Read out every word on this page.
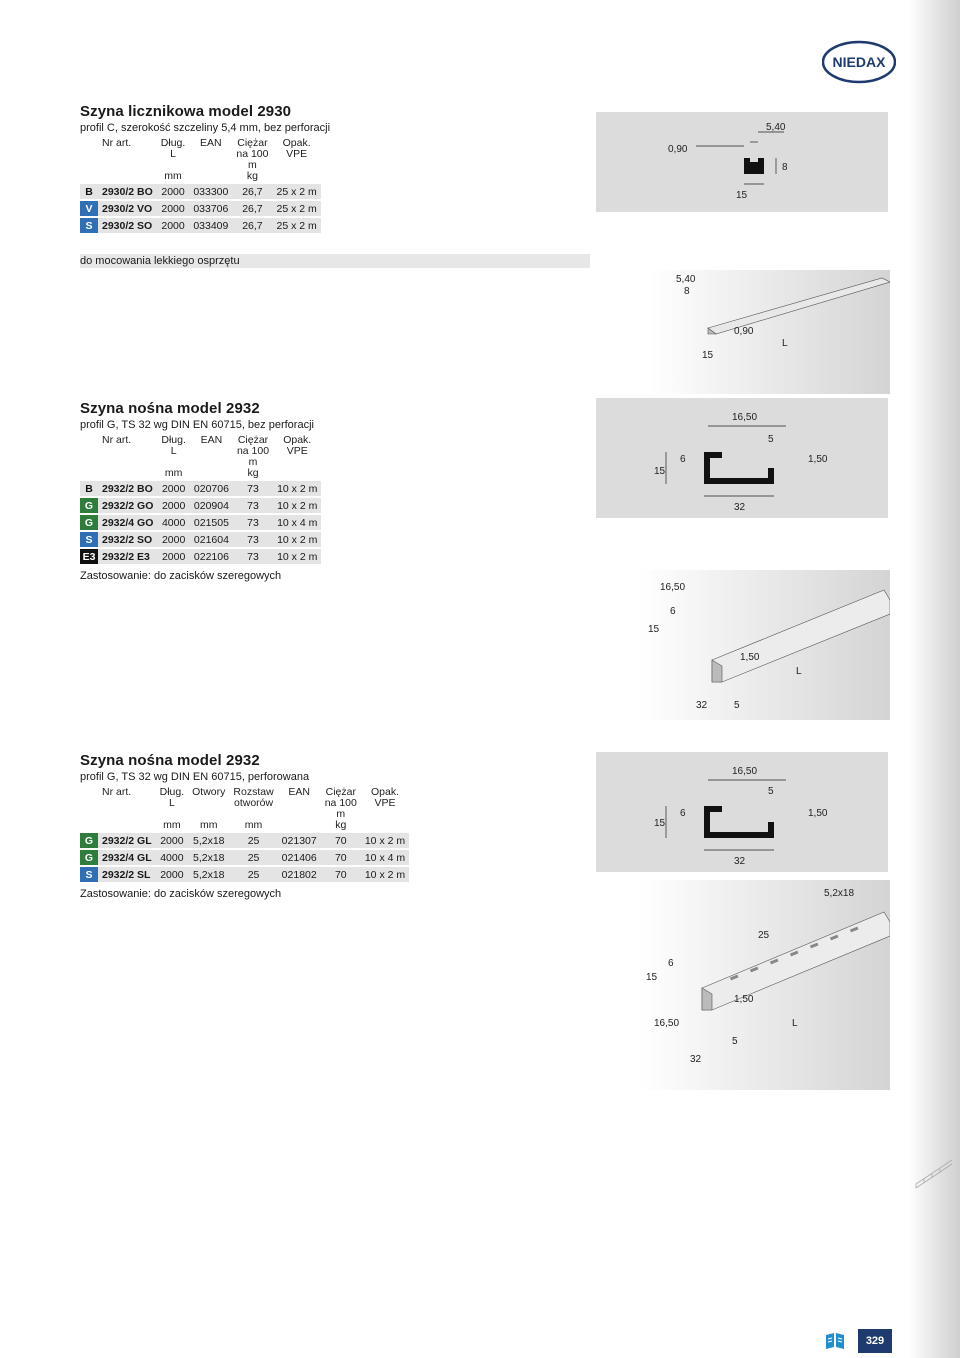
NIEDAX
Szyna licznikowa model 2930
profil C, szerokość szczeliny 5,4 mm, bez perforacji
	Nr art.	Dług.
L	EAN	Ciężar
na 100
m	Opak.
VPE
		mm		kg	
B	2930/2 BO	2000	033300	26,7	25 x 2 m
V	2930/2 VO	2000	033706	26,7	25 x 2 m
S	2930/2 SO	2000	033409	26,7	25 x 2 m
do mocowania lekkiego osprzętu
0,90
5,40
8
15
5,40
8
0,90
15
L
Szyna nośna model 2932
profil G, TS 32 wg DIN EN 60715, bez perforacji
	Nr art.	Dług.
L	EAN	Ciężar
na 100
m	Opak.
VPE
		mm		kg	
B	2932/2 BO	2000	020706	73	10 x 2 m
G	2932/2 GO	2000	020904	73	10 x 2 m
G	2932/4 GO	4000	021505	73	10 x 4 m
S	2932/2 SO	2000	021604	73	10 x 2 m
E3	2932/2 E3	2000	022106	73	10 x 2 m
Zastosowanie: do zacisków szeregowych
16,50
5
6	1,50
15
32
16,50
6
15
1,50
L
32	5
Szyna nośna model 2932
profil G, TS 32 wg DIN EN 60715, perforowana
	Nr art.	Dług.
L	Otwory	Rozstaw
otworów	EAN	Ciężar
na 100
m	Opak.
VPE
		mm	mm	mm		kg	
G	2932/2 GL	2000	5,2x18	25	021307	70	10 x 2 m
G	2932/4 GL	4000	5,2x18	25	021406	70	10 x 4 m
S	2932/2 SL	2000	5,2x18	25	021802	70	10 x 2 m
Zastosowanie: do zacisków szeregowych
16,50
5
6	1,50
15
32
5,2x18
25
15
6
1,50
L
16,50
32
5
329
